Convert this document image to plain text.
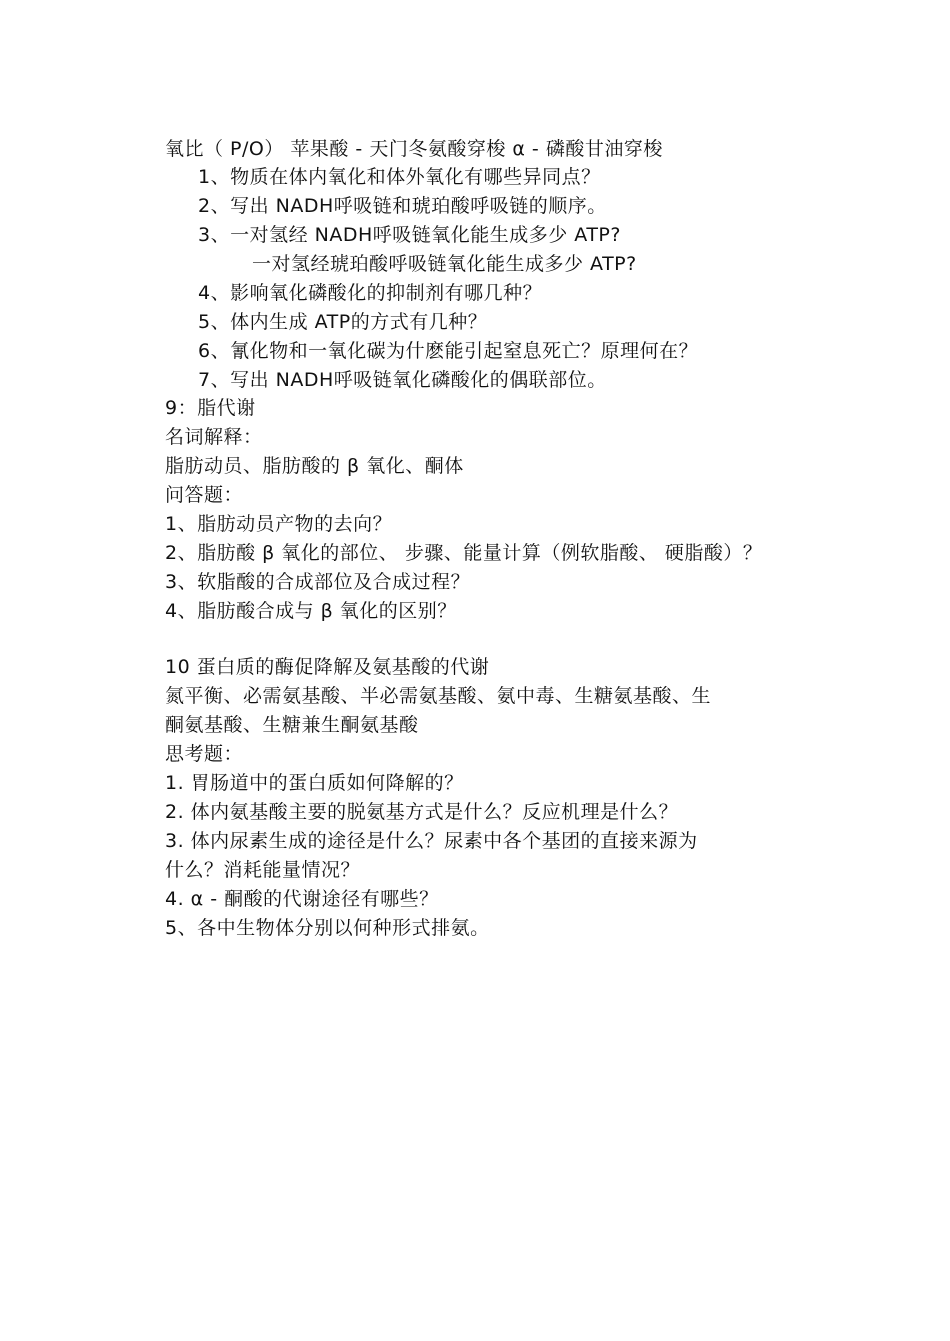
氧比（ P/O） 苹果酸 - 天门冬氨酸穿梭 α - 磷酸甘油穿梭
1、物质在体内氧化和体外氧化有哪些异同点？
2、写出 NADH呼吸链和琥珀酸呼吸链的顺序。
3、一对氢经 NADH呼吸链氧化能生成多少 ATP?
一对氢经琥珀酸呼吸链氧化能生成多少 ATP?
4、影响氧化磷酸化的抑制剂有哪几种？
5、体内生成 ATP的方式有几种？
6、氰化物和一氧化碳为什麽能引起窒息死亡？原理何在？
7、写出 NADH呼吸链氧化磷酸化的偶联部位。
9：脂代谢
名词解释：
脂肪动员、脂肪酸的 β 氧化、酮体
问答题：
1、脂肪动员产物的去向？
2、脂肪酸 β 氧化的部位、 步骤、能量计算（例软脂酸、 硬脂酸）？
3、软脂酸的合成部位及合成过程？
4、脂肪酸合成与 β 氧化的区别？
10 蛋白质的酶促降解及氨基酸的代谢
氮平衡、必需氨基酸、半必需氨基酸、氨中毒、生糖氨基酸、生
酮氨基酸、生糖兼生酮氨基酸
思考题：
1. 胃肠道中的蛋白质如何降解的？
2. 体内氨基酸主要的脱氨基方式是什么？反应机理是什么？
3. 体内尿素生成的途径是什么？尿素中各个基团的直接来源为
什么？消耗能量情况？
4. α - 酮酸的代谢途径有哪些？
5、各中生物体分别以何种形式排氨。
